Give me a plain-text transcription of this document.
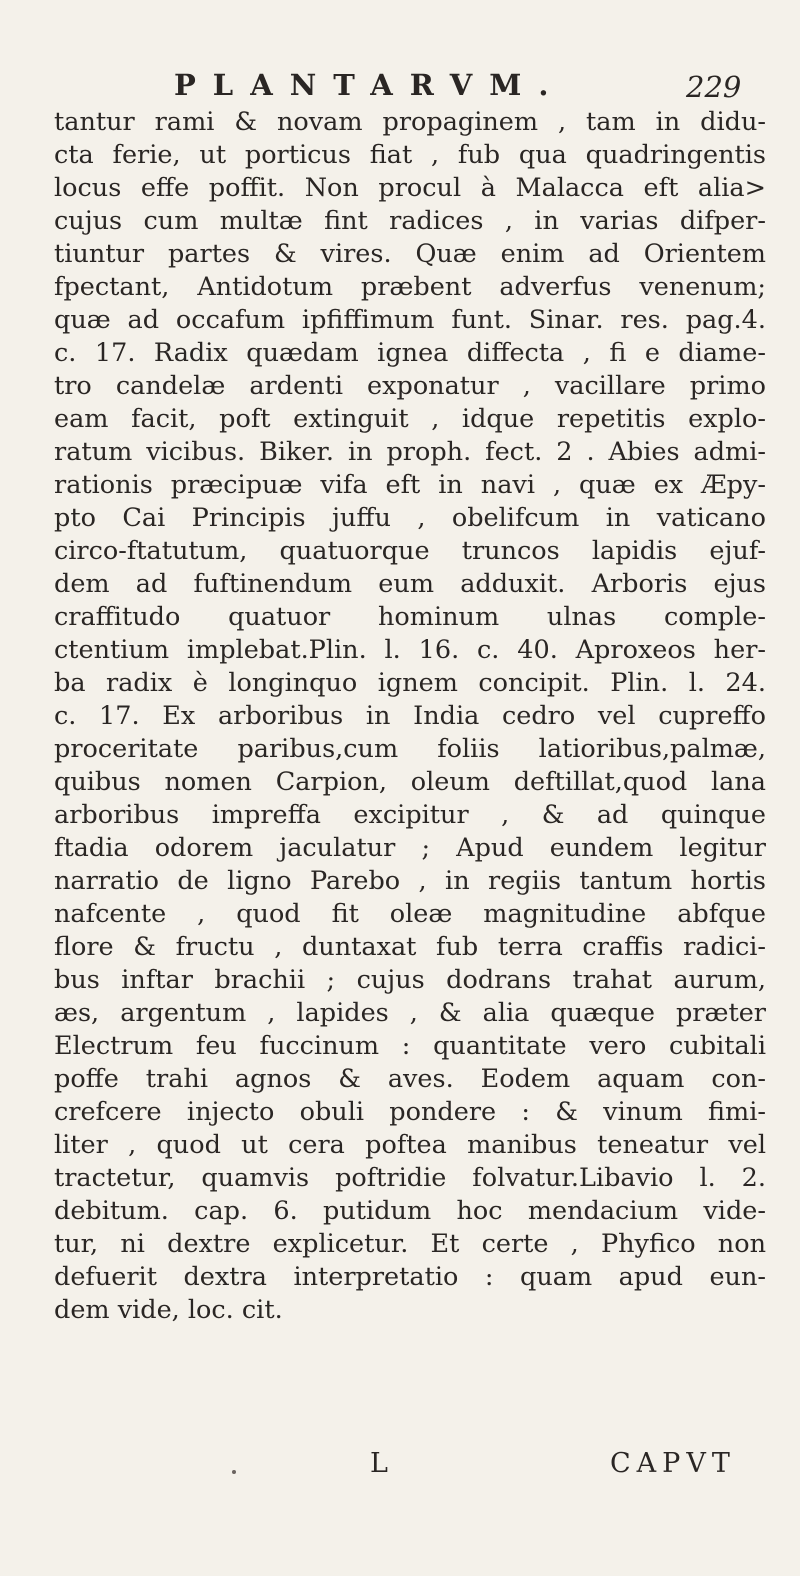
PLANTARVM.	229
tantur rami & novam propaginem , tam in didu-
cta ferie, ut porticus fiat , fub qua quadringentis
locus effe poffit. Non procul à Malacca eft alia>
cujus cum multæ fint radices , in varias difper-
tiuntur partes & vires. Quæ enim ad Orientem
fpectant, Antidotum præbent adverfus venenum;
quæ ad occafum ipfiffimum funt. Sinar. res. pag.4.
c. 17. Radix quædam ignea diffecta , fi e diame-
tro candelæ ardenti exponatur , vacillare primo
eam facit, poft extinguit , idque repetitis explo-
ratum vicibus. Biker. in proph. fect. 2 . Abies admi-
rationis præcipuæ vifa eft in navi , quæ ex Æpy-
pto Cai Principis juffu , obelifcum in vaticano
circo-ftatutum, quatuorque truncos lapidis ejuf-
dem ad fuftinendum eum adduxit. Arboris ejus
craffitudo quatuor hominum ulnas comple-
ctentium implebat.Plin. l. 16. c. 40. Aproxeos her-
ba radix è longinquo ignem concipit. Plin. l. 24.
c. 17. Ex arboribus in India cedro vel cupreffo
proceritate paribus,cum foliis latioribus,palmæ,
quibus nomen Carpion, oleum deftillat,quod lana
arboribus impreffa excipitur , & ad quinque
ftadia odorem jaculatur ; Apud eundem legitur
narratio de ligno Parebo , in regiis tantum hortis
nafcente , quod fit oleæ magnitudine abfque
flore & fructu , duntaxat fub terra craffis radici-
bus inftar brachii ; cujus dodrans trahat aurum,
æs, argentum , lapides , & alia quæque præter
Electrum feu fuccinum : quantitate vero cubitali
poffe trahi agnos & aves. Eodem aquam con-
crefcere injecto obuli pondere : & vinum fimi-
liter , quod ut cera poftea manibus teneatur vel
tractetur, quamvis poftridie folvatur.Libavio l. 2.
debitum. cap. 6. putidum hoc mendacium vide-
tur, ni dextre explicetur. Et certe , Phyfico non
defuerit dextra interpretatio : quam apud eun-
dem vide, loc. cit.
L	CAPVT
